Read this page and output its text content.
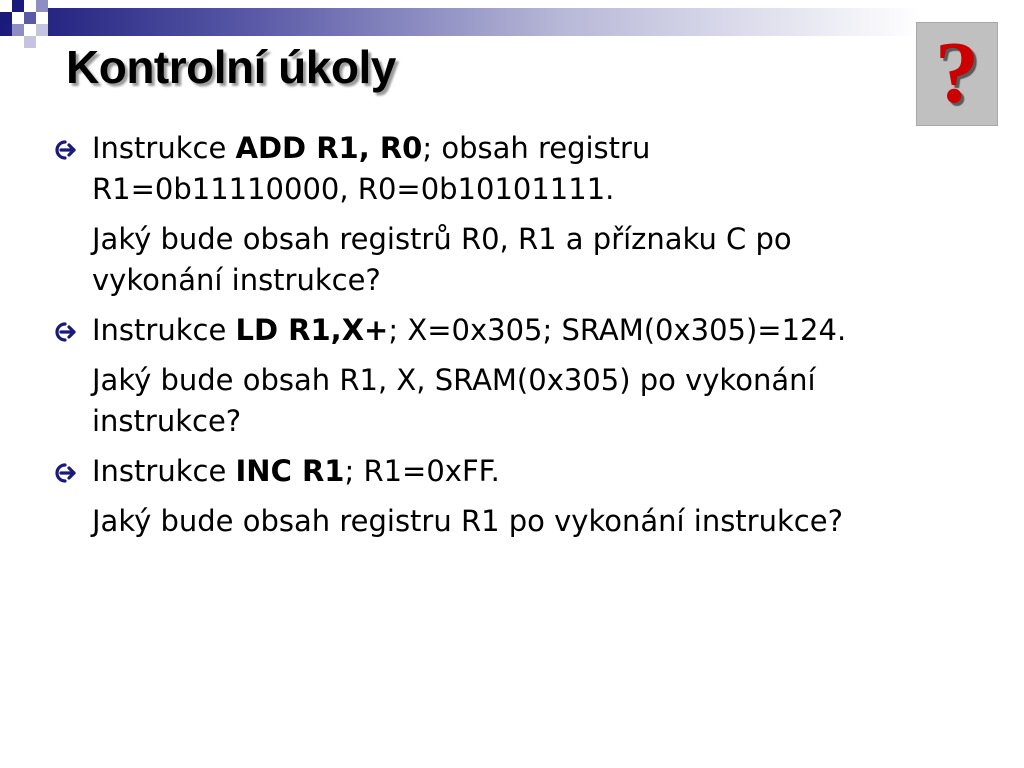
Kontrolní úkoly	?
Instrukce ADD R1, R0; obsah registru
R1=0b11110000, R0=0b10101111.
Jaký bude obsah registrů R0, R1 a příznaku C po
vykonání instrukce?
Instrukce LD R1,X+; X=0x305; SRAM(0x305)=124.
Jaký bude obsah R1, X, SRAM(0x305) po vykonání
instrukce?
Instrukce INC R1; R1=0xFF.
Jaký bude obsah registru R1 po vykonání instrukce?
